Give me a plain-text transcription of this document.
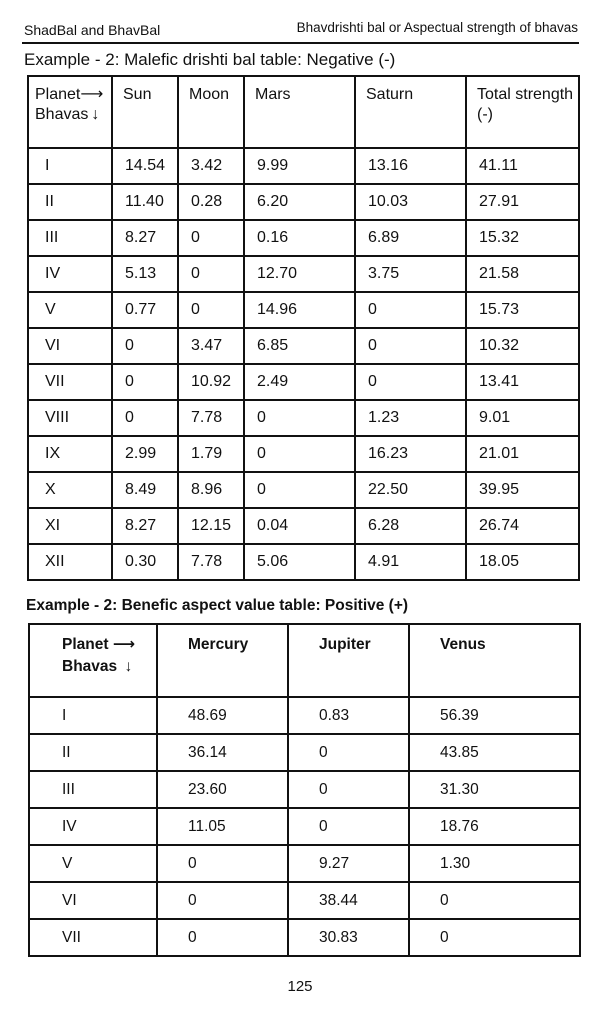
ShadBal and BhavBal	Bhavdrishti bal or Aspectual strength of bhavas
Example - 2: Malefic drishti bal table: Negative (-)
Planet⟶
Bhavas ↓	Sun	Moon	Mars	Saturn	Total strength (-)
I	14.54	3.42	9.99	13.16	41.11
II	11.40	0.28	6.20	10.03	27.91
III	8.27	0	0.16	6.89	15.32
IV	5.13	0	12.70	3.75	21.58
V	0.77	0	14.96	0	15.73
VI	0	3.47	6.85	0	10.32
VII	0	10.92	2.49	0	13.41
VIII	0	7.78	0	1.23	9.01
IX	2.99	1.79	0	16.23	21.01
X	8.49	8.96	0	22.50	39.95
XI	8.27	12.15	0.04	6.28	26.74
XII	0.30	7.78	5.06	4.91	18.05
Example - 2: Benefic aspect value table: Positive (+)
Planet ⟶
Bhavas ↓	Mercury	Jupiter	Venus
I	48.69	0.83	56.39
II	36.14	0	43.85
III	23.60	0	31.30
IV	11.05	0	18.76
V	0	9.27	1.30
VI	0	38.44	0
VII	0	30.83	0
125
